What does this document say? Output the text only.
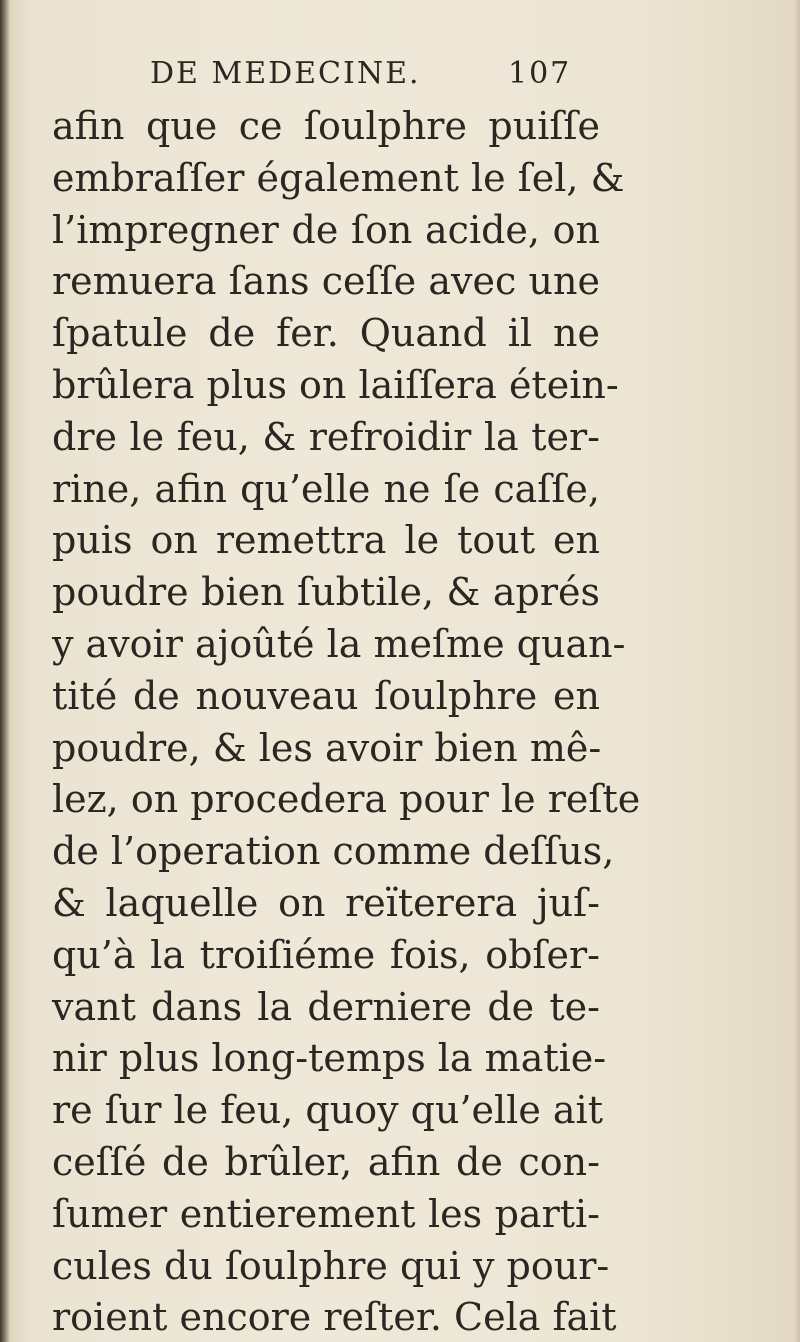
DE MEDECINE.	107
afin que ce ſoulphre puiſſe
embraſſer également le ſel, &
l’impregner de ſon acide, on
remuera ſans ceſſe avec une
ſpatule de fer. Quand il ne
brûlera plus on laiſſera étein-
dre le feu, & refroidir la ter-
rine, afin qu’elle ne ſe caſſe,
puis on remettra le tout en
poudre bien ſubtile, & aprés
y avoir ajoûté la meſme quan-
tité de nouveau ſoulphre en
poudre, & les avoir bien mê-
lez, on procedera pour le reſte
de l’operation comme deſſus,
& laquelle on reïterera juſ-
qu’à la troiſiéme fois, obſer-
vant dans la derniere de te-
nir plus long-temps la matie-
re ſur le feu, quoy qu’elle ait
ceſſé de brûler, afin de con-
ſumer entierement les parti-
cules du ſoulphre qui y pour-
roient encore reſter. Cela fait
